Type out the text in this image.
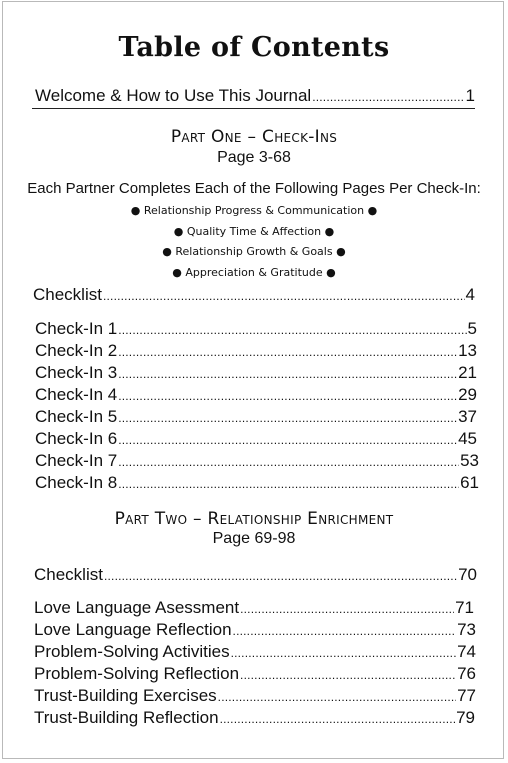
Table of Contents
Welcome & How to Use This Journal .....	1
Part One – Check-Ins
Page 3-68
Each Partner Completes Each of the Following Pages Per Check-In:
● Relationship Progress & Communication ●
● Quality Time & Affection ●
● Relationship Growth & Goals ●
● Appreciation & Gratitude ●
Checklist .....	4
Check-In 1 .....	5
Check-In 2 .....	13
Check-In 3 .....	21
Check-In 4 .....	29
Check-In 5 .....	37
Check-In 6 .....	45
Check-In 7 .....	53
Check-In 8 .....	61
Part Two – Relationship Enrichment
Page 69-98
Checklist .....	70
Love Language Asessment .....	71
Love Language Reflection .....	73
Problem-Solving Activities .....	74
Problem-Solving Reflection .....	76
Trust-Building Exercises .....	77
Trust-Building Reflection .....	79
